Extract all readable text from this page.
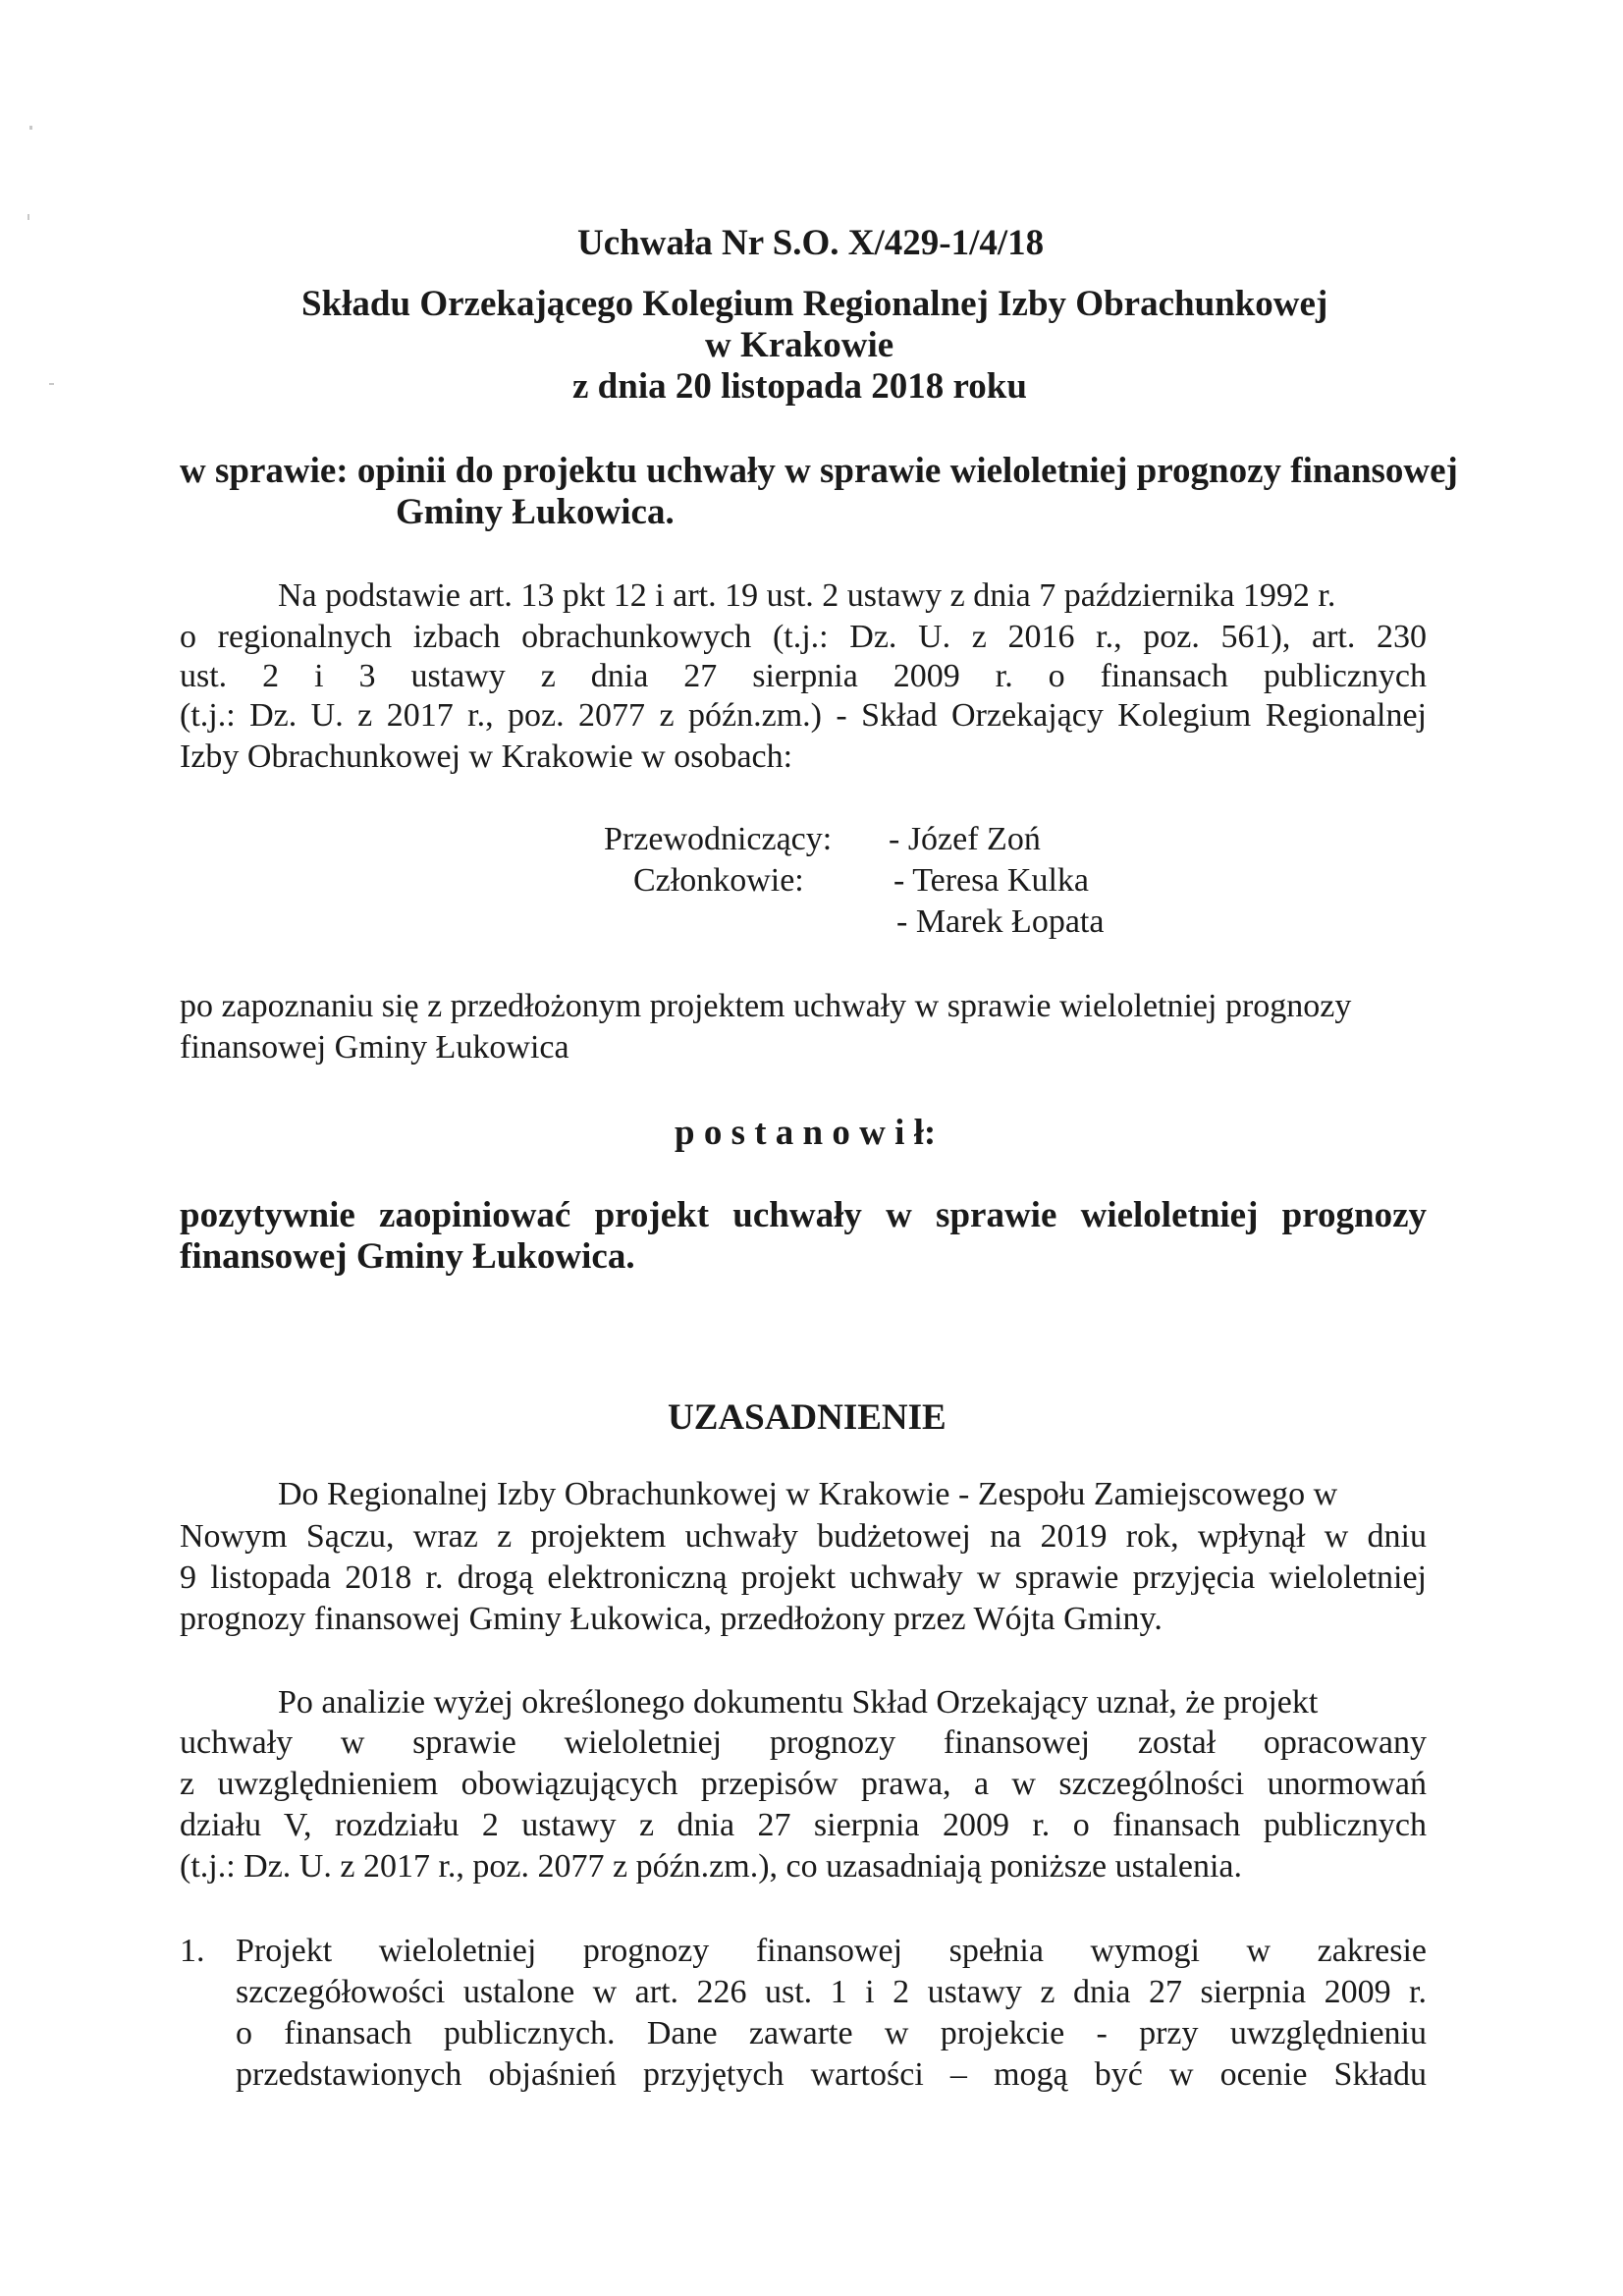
Uchwała Nr S.O. X/429-1/4/18
Składu Orzekającego Kolegium Regionalnej Izby Obrachunkowej
w Krakowie
z dnia 20 listopada 2018 roku
w sprawie: opinii do projektu uchwały w sprawie wieloletniej prognozy finansowej
Gminy Łukowica.
Na podstawie art. 13 pkt 12 i art. 19 ust. 2 ustawy z dnia 7 października 1992 r.
o regionalnych izbach obrachunkowych (t.j.: Dz. U. z 2016 r., poz. 561), art. 230
ust. 2 i 3 ustawy z dnia 27 sierpnia 2009 r. o finansach publicznych
(t.j.: Dz. U. z 2017 r., poz. 2077 z późn.zm.) - Skład Orzekający Kolegium Regionalnej
Izby Obrachunkowej w Krakowie w osobach:
Przewodniczący:
Członkowie:
- Józef Zoń
- Teresa Kulka
- Marek Łopata
po zapoznaniu się z przedłożonym projektem uchwały w sprawie wieloletniej prognozy
finansowej Gminy Łukowica
p o s t a n o w i ł:
pozytywnie zaopiniować projekt uchwały w sprawie wieloletniej prognozy
finansowej Gminy Łukowica.
UZASADNIENIE
Do Regionalnej Izby Obrachunkowej w Krakowie - Zespołu Zamiejscowego w
Nowym Sączu, wraz z projektem uchwały budżetowej na 2019 rok, wpłynął w dniu
9 listopada 2018 r. drogą elektroniczną projekt uchwały w sprawie przyjęcia wieloletniej
prognozy finansowej Gminy Łukowica, przedłożony przez Wójta Gminy.
Po analizie wyżej określonego dokumentu Skład Orzekający uznał, że projekt
uchwały w sprawie wieloletniej prognozy finansowej został opracowany
z uwzględnieniem obowiązujących przepisów prawa, a w szczególności unormowań
działu V, rozdziału 2 ustawy z dnia 27 sierpnia 2009 r. o finansach publicznych
(t.j.: Dz. U. z 2017 r., poz. 2077 z późn.zm.), co uzasadniają poniższe ustalenia.
1. Projekt wieloletniej prognozy finansowej spełnia wymogi w zakresie
szczegółowości ustalone w art. 226 ust. 1 i 2 ustawy z dnia 27 sierpnia 2009 r.
o finansach publicznych. Dane zawarte w projekcie - przy uwzględnieniu
przedstawionych objaśnień przyjętych wartości – mogą być w ocenie Składu
